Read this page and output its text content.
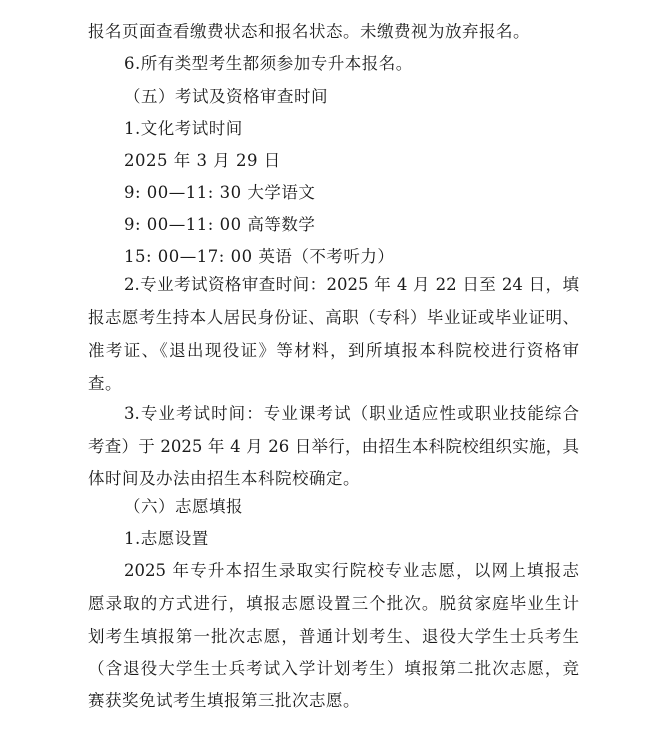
报名页面查看缴费状态和报名状态。未缴费视为放弃报名。
6.所有类型考生都须参加专升本报名。
（五）考试及资格审查时间
1.文化考试时间
2025 年 3 月 29 日
9: 00—11: 30 大学语文
9: 00—11: 00 高等数学
15: 00—17: 00 英语（不考听力）
2.专业考试资格审查时间：2025 年 4 月 22 日至 24 日，填
报志愿考生持本人居民身份证、高职（专科）毕业证或毕业证明、
准考证、《退出现役证》等材料，到所填报本科院校进行资格审
查。
3.专业考试时间：专业课考试（职业适应性或职业技能综合
考查）于 2025 年 4 月 26 日举行，由招生本科院校组织实施，具
体时间及办法由招生本科院校确定。
（六）志愿填报
1.志愿设置
2025 年专升本招生录取实行院校专业志愿，以网上填报志
愿录取的方式进行，填报志愿设置三个批次。脱贫家庭毕业生计
划考生填报第一批次志愿，普通计划考生、退役大学生士兵考生
（含退役大学生士兵考试入学计划考生）填报第二批次志愿，竞
赛获奖免试考生填报第三批次志愿。
